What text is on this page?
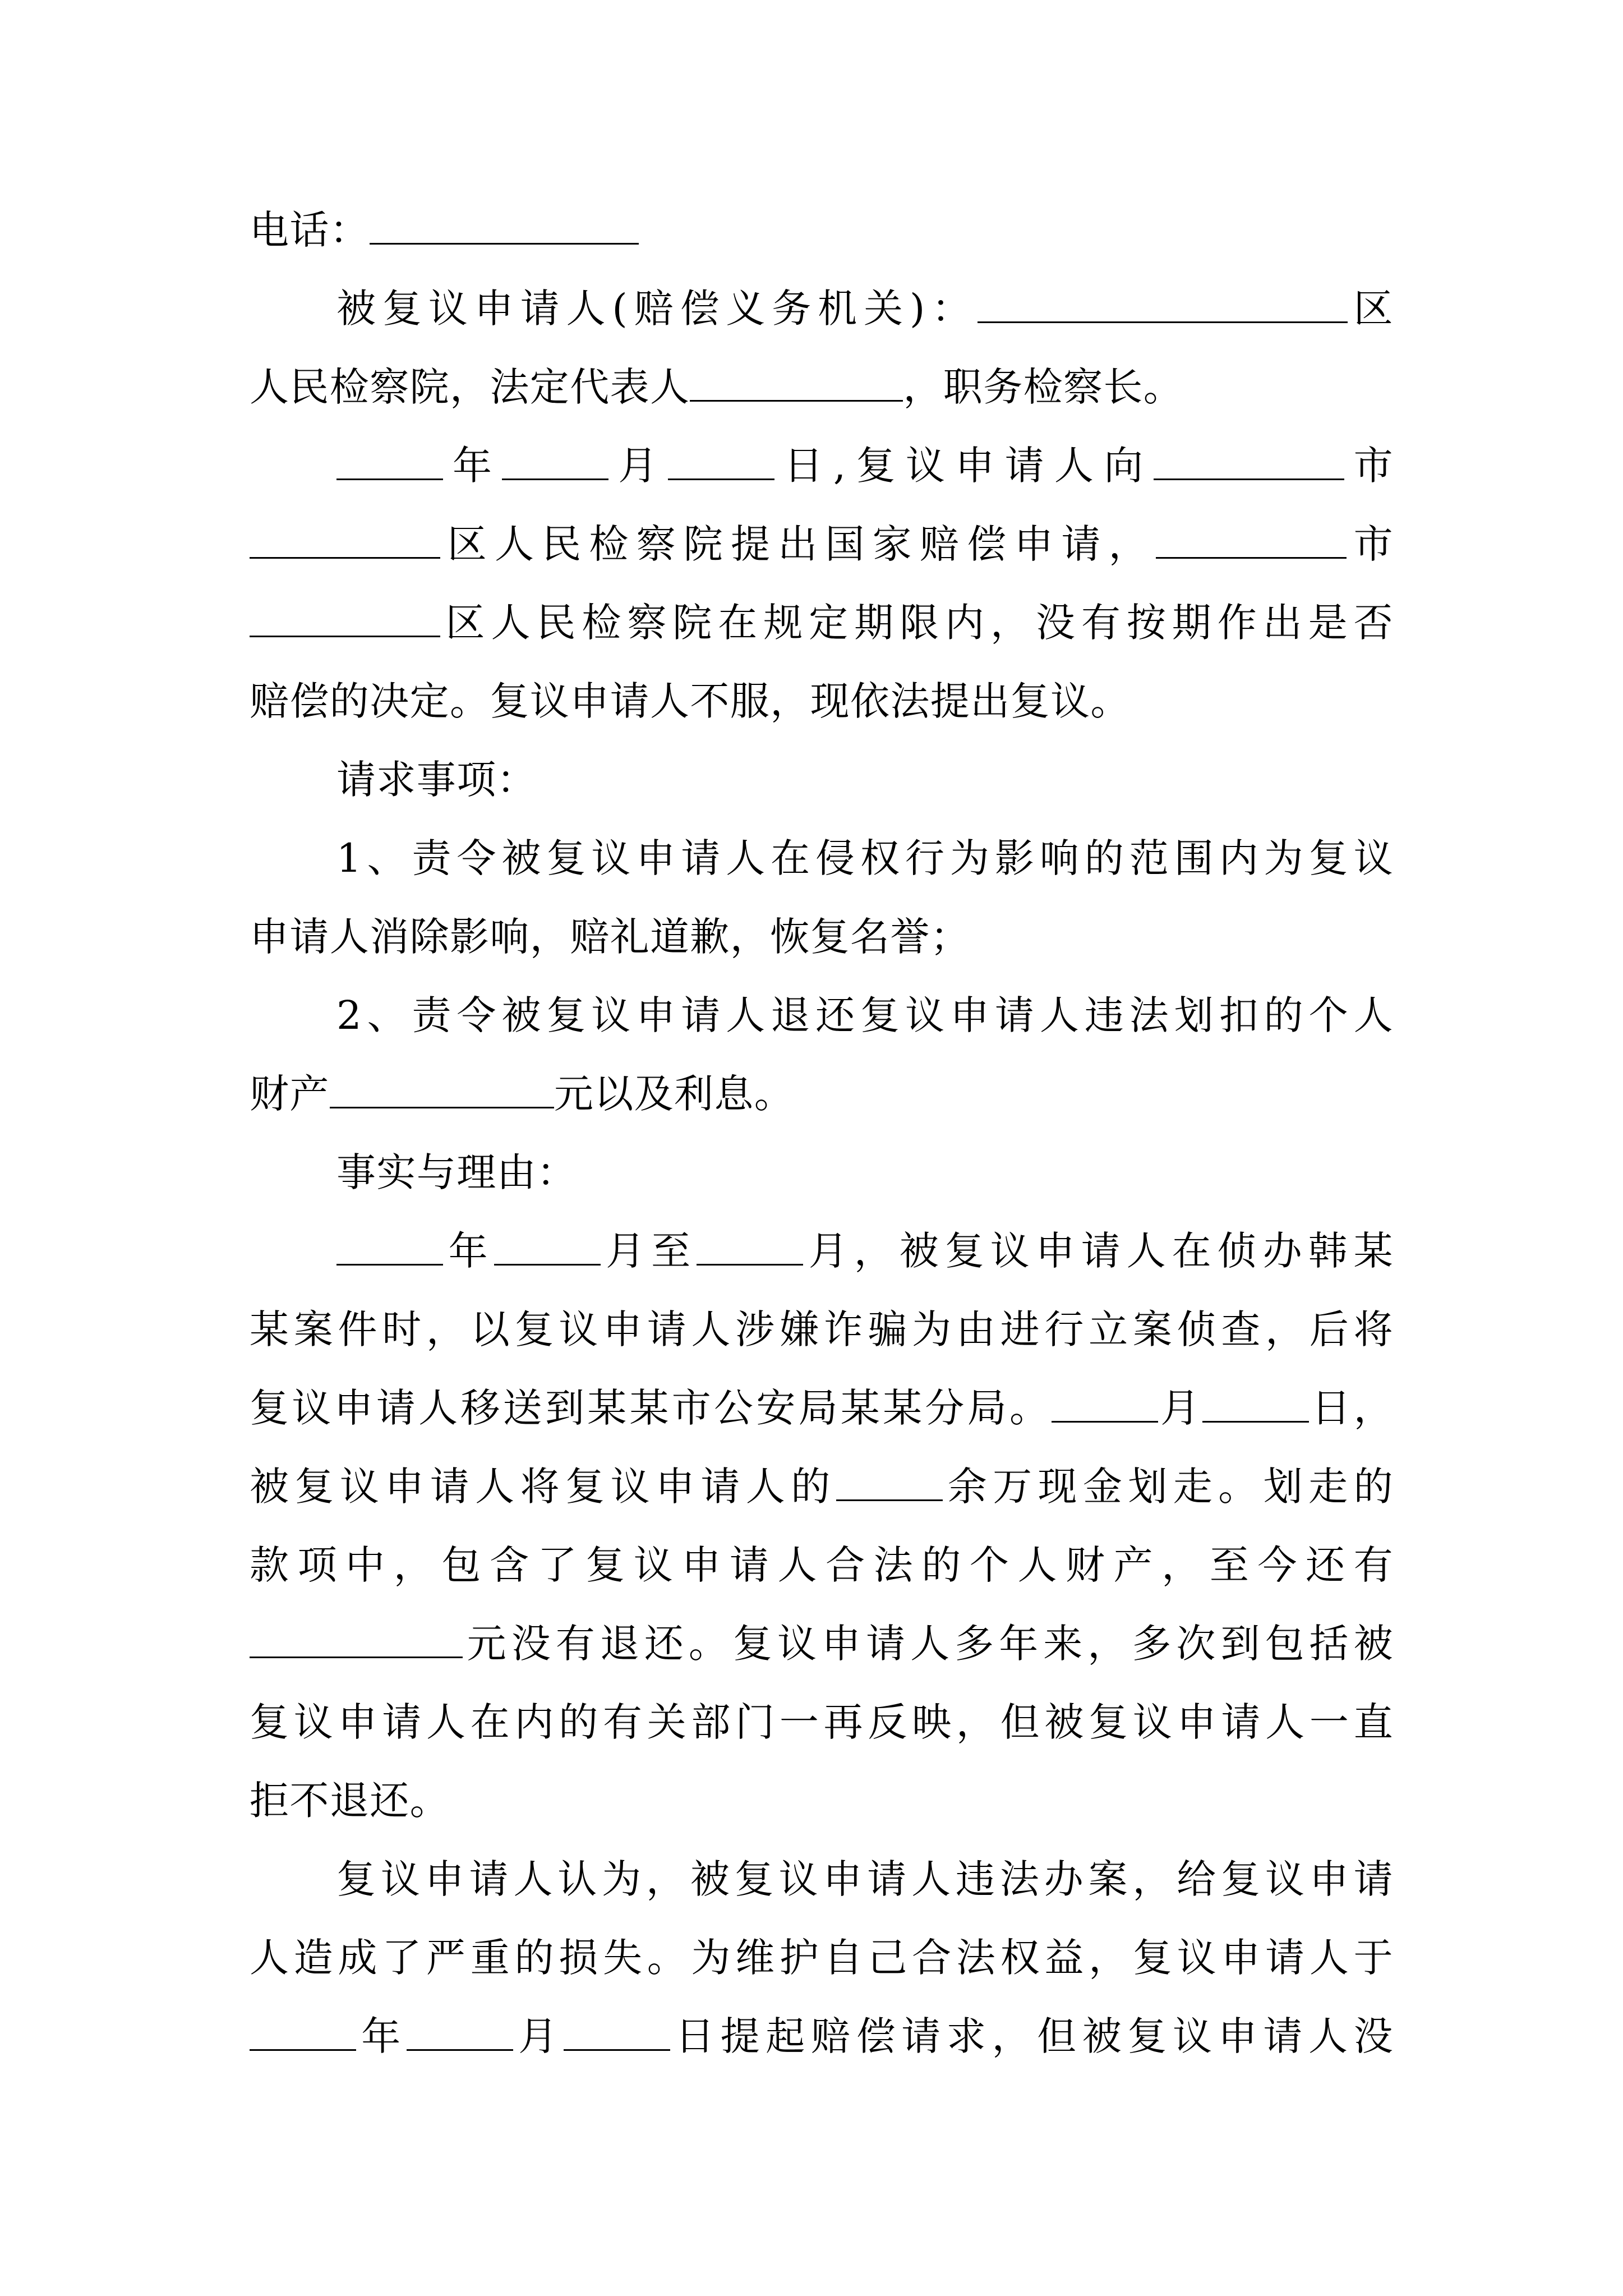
电话：
被复议申请人(赔偿义务机关)：	区
人民检察院，法定代表人	，职务检察长。
年	月	日,复议申请人向	市
区人民检察院提出国家赔偿申请，	市
区人民检察院在规定期限内，没有按期作出是否
赔偿的决定。复议申请人不服，现依法提出复议。
请求事项：
1、责令被复议申请人在侵权行为影响的范围内为复议
申请人消除影响，赔礼道歉，恢复名誉；
2、责令被复议申请人退还复议申请人违法划扣的个人
财产	元以及利息。
事实与理由：
年	月至	月，被复议申请人在侦办韩某
某案件时，以复议申请人涉嫌诈骗为由进行立案侦查，后将
复议申请人移送到某某市公安局某某分局。	月	日，
被复议申请人将复议申请人的	余万现金划走。划走的
款项中，包含了复议申请人合法的个人财产，至今还有
元没有退还。复议申请人多年来，多次到包括被
复议申请人在内的有关部门一再反映，但被复议申请人一直
拒不退还。
复议申请人认为，被复议申请人违法办案，给复议申请
人造成了严重的损失。为维护自己合法权益，复议申请人于
年	月	日提起赔偿请求，但被复议申请人没
